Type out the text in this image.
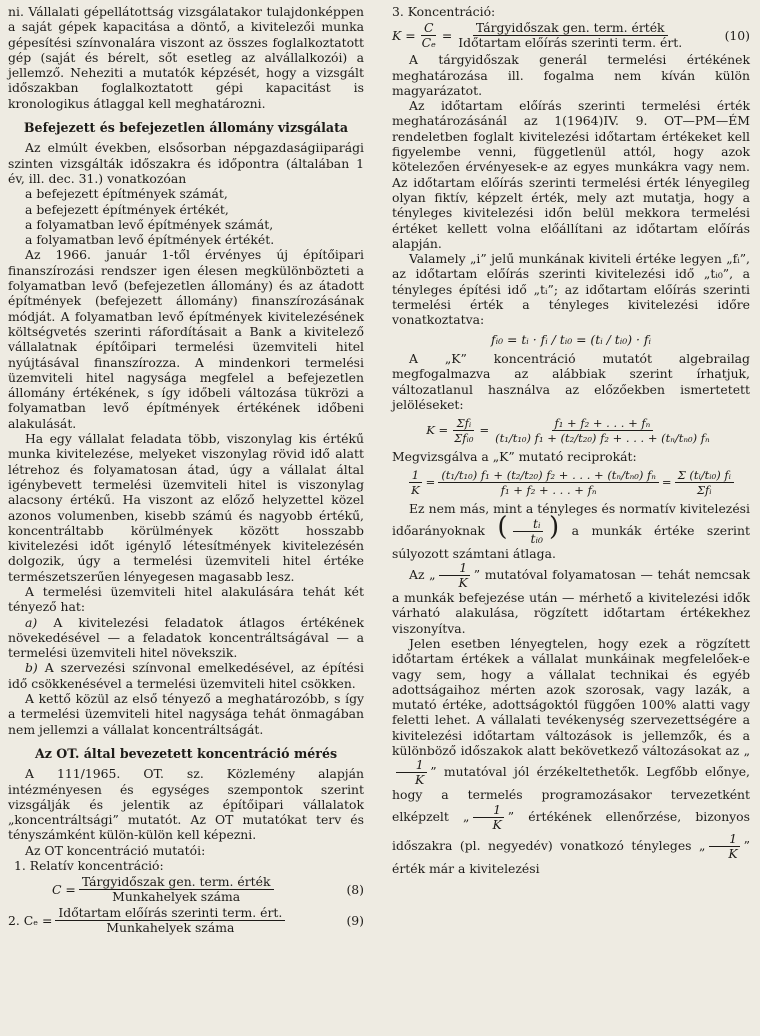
ni. Vállalati gépellátottság vizsgálatakor tulajdonképpen a saját gépek kapacitása a döntő, a kivitelezői munka gépesítési színvonalára viszont az összes foglalkoztatott gép (saját és bérelt, sőt esetleg az alvállalkozói) a jellemző. Neheziti a mutatók képzését, hogy a vizsgált időszakban foglalkoztatott gépi kapacitást is kronologikus átlaggal kell meghatározni.

Befejezett és befejezetlen állomány vizsgálata

Az elmúlt években, elsősorban népgazdaságiiparági szinten vizsgálták időszakra és időpontra (általában 1 év, ill. dec. 31.) vonatkozóan

a befejezett építmények számát,

a befejezett építmények értékét,

a folyamatban levő építmények számát,

a folyamatban levő építmények értékét.

Az 1966. január 1-től érvényes új építőipari finanszírozási rendszer igen élesen megkülönbözteti a folyamatban levő (befejezetlen állomány) és az átadott építmények (befejezett állomány) finanszírozásának módját. A folyamatban levő építmények kivitelezésének költségvetés szerinti ráfordításait a Bank a kivitelező vállalatnak építőipari termelési üzemviteli hitel nyújtásával finanszírozza. A mindenkori termelési üzemviteli hitel nagysága megfelel a befejezetlen állomány értékének, s így időbeli változása tükrözi a folyamatban levő építmények értékének időbeni alakulását.

Ha egy vállalat feladata több, viszonylag kis értékű munka kivitelezése, melyeket viszonylag rövid idő alatt létrehoz és folyamatosan átad, úgy a vállalat által igénybevett termelési üzemviteli hitel is viszonylag alacsony értékű. Ha viszont az előző helyzettel közel azonos volumenben, kisebb számú és nagyobb értékű, koncentráltabb körülmények között hosszabb kivitelezési időt igénylő létesítmények kivitelezésén dolgozik, úgy a termelési üzemviteli hitel értéke természetszerűen lényegesen magasabb lesz.

A termelési üzemviteli hitel alakulására tehát két tényező hat:

a) A kivitelezési feladatok átlagos értékének növekedésével — a feladatok koncentráltságával — a termelési üzemviteli hitel növekszik.

b) A szervezési színvonal emelkedésével, az építési idő csökkenésével a termelési üzemviteli hitel csökken.

A kettő közül az első tényező a meghatározóbb, s így a termelési üzemviteli hitel nagysága tehát önmagában nem jellemzi a vállalat koncentráltságát.

Az OT. által bevezetett koncentráció mérés

A 111/1965. OT. sz. Közlemény alapján intézményesen és egységes szempontok szerint vizsgálják és jelentik az építőipari vállalatok „koncentráltsági” mutatót. Az OT mutatókat terv és tényszámként külön-külön kell képezni.

Az OT koncentráció mutatói:

1. Relatív koncentráció:

$C = \frac{\text{Tárgyidőszak gen. term. érték}}{\text{Munkahelyek száma}}$	(8)
2. $C_e = \frac{\text{Időtartam előírás szerinti term. ért.}}{\text{Munkahelyek száma}}$	(9)

3. Koncentráció:

$K = \frac{C}{\text{Cₑ}} = \frac{\text{Tárgyidőszak gen. term. érték}}{\text{Időtartam előírás szerinti term. ért.}}$	(10)

A tárgyidőszak generál termelési értékének meghatározása ill. fogalma nem kíván külön magyarázatot.

Az időtartam előírás szerinti termelési érték meghatározásánál az 1(1964)IV. 9. OT—PM—ÉM rendeletben foglalt kivitelezési időtartam értékeket kell figyelembe venni, függetlenül attól, hogy azok kötelezően érvényesek-e az egyes munkákra vagy nem. Az időtartam előírás szerinti termelési érték lényegileg olyan fiktív, képzelt érték, mely azt mutatja, hogy a tényleges kivitelezési időn belül mekkora termelési értéket kellett volna előállítani az időtartam előírás alapján.

Valamely „i” jelű munkának kiviteli értéke legyen „fᵢ”, az időtartam előírás szerinti kivitelezési idő „tᵢ₀”, a tényleges építési idő „tᵢ”; az időtartam előírás szerinti termelési érték a tényleges kivitelezési időre vonatkoztatva:

fᵢ₀ = tᵢ · fᵢ / tᵢ₀ = (tᵢ / tᵢ₀) · fᵢ

A „K” koncentráció mutatót algebrailag megfogalmazva az alábbiak szerint írhatjuk, változatlanul használva az előzőekben ismertetett jelöléseket:

$K = \frac{\text{Σfᵢ}}{\text{Σfᵢ₀}} = \frac{\text{f₁ + f₂ + . . . + fₙ}}{\text{(t₁/t₁₀) f₁ + (t₂/t₂₀) f₂ + . . . + (tₙ/tₙ₀) fₙ}}$

Megvizsgálva a „K” mutató reciprokát:

$\frac{1}{K} = \frac{\text{(t₁/t₁₀) f₁ + (t₂/t₂₀) f₂ + . . . + (tₙ/tₙ₀) fₙ}}{\text{f₁ + f₂ + . . . + fₙ}} = \frac{\text{Σ (tᵢ/tᵢ₀) fᵢ}}{\text{Σfᵢ}}$

Ez nem más, mint a tényleges és normatív kivitelezési időarányoknak ( $\frac{\text{tᵢ}}{\text{tᵢ₀}}$ ) a munkák értéke szerint súlyozott számtani átlaga.

Az „ $\frac{1}{K}$ ” mutatóval folyamatosan — tehát nemcsak a munkák befejezése után — mérhető a kivitelezési idők várható alakulása, rögzített időtartam értékekhez viszonyítva.

Jelen esetben lényegtelen, hogy ezek a rögzített időtartam értékek a vállalat munkáinak megfelelőek-e vagy sem, hogy a vállalat technikai és egyéb adottságaihoz mérten azok szorosak, vagy lazák, a mutató értéke, adottságoktól függően 100% alatti vagy feletti lehet. A vállalati tevékenység szervezettségére a kivitelezési időtartam változások is jellemzők, és a különböző időszakok alatt bekövetkező változásokat az „
$\frac{1}{K}$ ” mutatóval jól érzékeltethetők. Legfőbb előnye, hogy a termelés programozásakor tervezetként elképzelt „ $\frac{1}{K}$ ” értékének ellenőrzése, bizonyos időszakra (pl. negyedév) vonatkozó tényleges „ $\frac{1}{K}$ ” érték már a kivitelezési
